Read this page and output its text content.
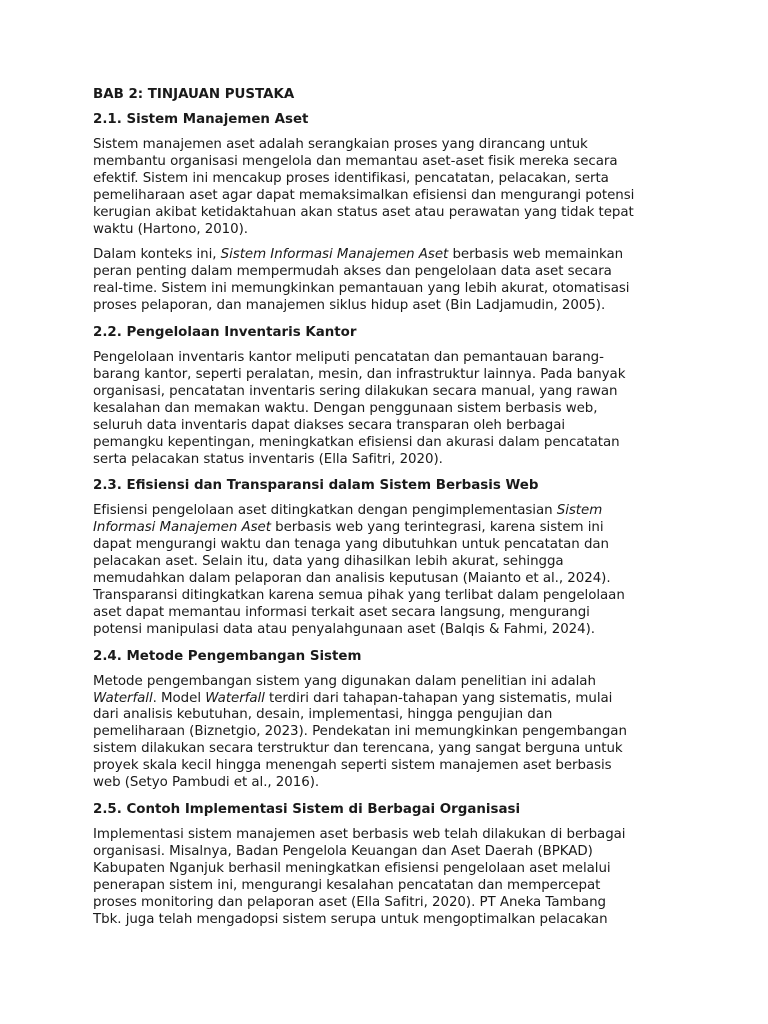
BAB 2: TINJAUAN PUSTAKA
2.1. Sistem Manajemen Aset
Sistem manajemen aset adalah serangkaian proses yang dirancang untuk
membantu organisasi mengelola dan memantau aset-aset fisik mereka secara
efektif. Sistem ini mencakup proses identifikasi, pencatatan, pelacakan, serta
pemeliharaan aset agar dapat memaksimalkan efisiensi dan mengurangi potensi
kerugian akibat ketidaktahuan akan status aset atau perawatan yang tidak tepat
waktu (Hartono, 2010).
Dalam konteks ini, Sistem Informasi Manajemen Aset berbasis web memainkan
peran penting dalam mempermudah akses dan pengelolaan data aset secara
real-time. Sistem ini memungkinkan pemantauan yang lebih akurat, otomatisasi
proses pelaporan, dan manajemen siklus hidup aset (Bin Ladjamudin, 2005).
2.2. Pengelolaan Inventaris Kantor
Pengelolaan inventaris kantor meliputi pencatatan dan pemantauan barang-
barang kantor, seperti peralatan, mesin, dan infrastruktur lainnya. Pada banyak
organisasi, pencatatan inventaris sering dilakukan secara manual, yang rawan
kesalahan dan memakan waktu. Dengan penggunaan sistem berbasis web,
seluruh data inventaris dapat diakses secara transparan oleh berbagai
pemangku kepentingan, meningkatkan efisiensi dan akurasi dalam pencatatan
serta pelacakan status inventaris (Ella Safitri, 2020).
2.3. Efisiensi dan Transparansi dalam Sistem Berbasis Web
Efisiensi pengelolaan aset ditingkatkan dengan pengimplementasian Sistem
Informasi Manajemen Aset berbasis web yang terintegrasi, karena sistem ini
dapat mengurangi waktu dan tenaga yang dibutuhkan untuk pencatatan dan
pelacakan aset. Selain itu, data yang dihasilkan lebih akurat, sehingga
memudahkan dalam pelaporan dan analisis keputusan (Maianto et al., 2024).
Transparansi ditingkatkan karena semua pihak yang terlibat dalam pengelolaan
aset dapat memantau informasi terkait aset secara langsung, mengurangi
potensi manipulasi data atau penyalahgunaan aset (Balqis & Fahmi, 2024).
2.4. Metode Pengembangan Sistem
Metode pengembangan sistem yang digunakan dalam penelitian ini adalah
Waterfall. Model Waterfall terdiri dari tahapan-tahapan yang sistematis, mulai
dari analisis kebutuhan, desain, implementasi, hingga pengujian dan
pemeliharaan (Biznetgio, 2023). Pendekatan ini memungkinkan pengembangan
sistem dilakukan secara terstruktur dan terencana, yang sangat berguna untuk
proyek skala kecil hingga menengah seperti sistem manajemen aset berbasis
web (Setyo Pambudi et al., 2016).
2.5. Contoh Implementasi Sistem di Berbagai Organisasi
Implementasi sistem manajemen aset berbasis web telah dilakukan di berbagai
organisasi. Misalnya, Badan Pengelola Keuangan dan Aset Daerah (BPKAD)
Kabupaten Nganjuk berhasil meningkatkan efisiensi pengelolaan aset melalui
penerapan sistem ini, mengurangi kesalahan pencatatan dan mempercepat
proses monitoring dan pelaporan aset (Ella Safitri, 2020). PT Aneka Tambang
Tbk. juga telah mengadopsi sistem serupa untuk mengoptimalkan pelacakan
